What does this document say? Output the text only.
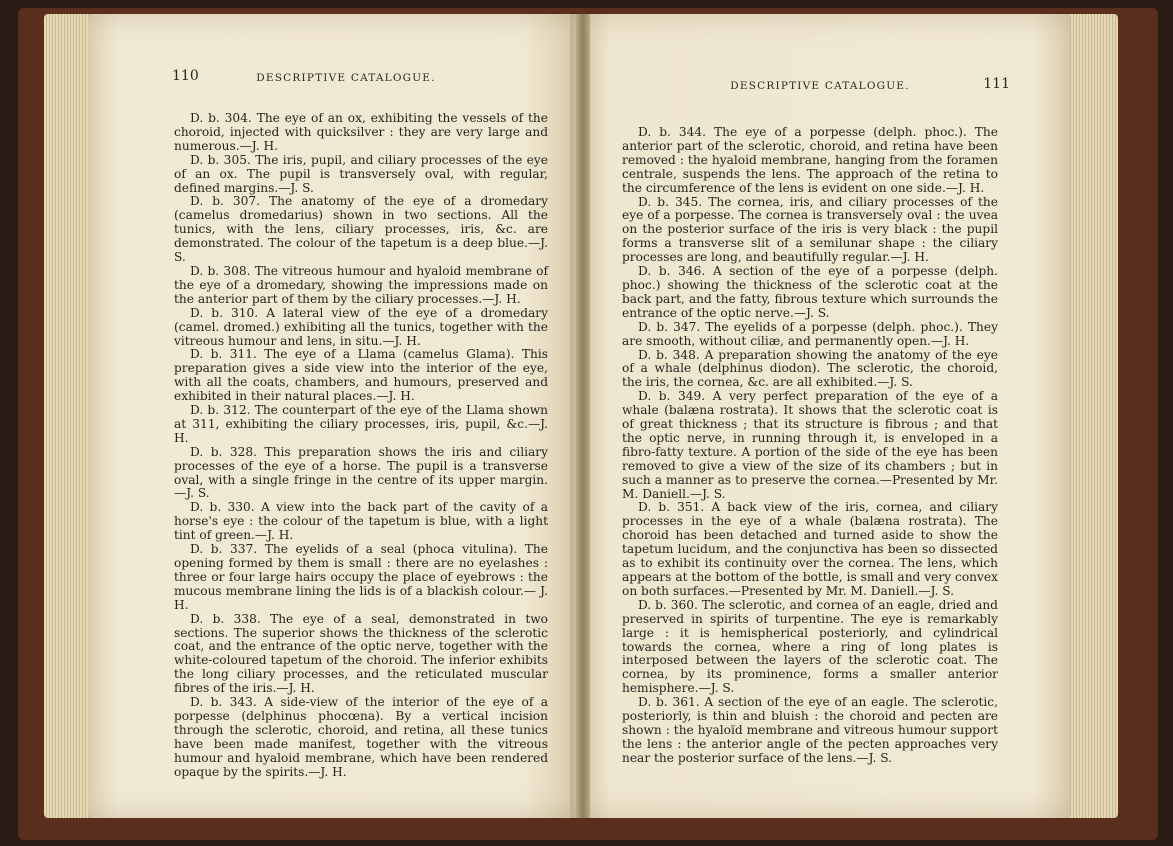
110	DESCRIPTIVE CATALOGUE.

D. b. 304. The eye of an ox, exhibiting the vessels of the choroid, injected with quicksilver : they are very large and numerous.—J. H.

D. b. 305. The iris, pupil, and ciliary processes of the eye of an ox. The pupil is transversely oval, with regular, defined margins.—J. S.

D. b. 307. The anatomy of the eye of a dromedary (camelus dromedarius) shown in two sections. All the tunics, with the lens, ciliary processes, iris, &c. are demonstrated. The colour of the tapetum is a deep blue.—J. S.

D. b. 308. The vitreous humour and hyaloid membrane of the eye of a dromedary, showing the impressions made on the anterior part of them by the ciliary processes.—J. H.

D. b. 310. A lateral view of the eye of a dromedary (camel. dromed.) exhibiting all the tunics, together with the vitreous humour and lens, in situ.—J. H.

D. b. 311. The eye of a Llama (camelus Glama). This preparation gives a side view into the interior of the eye, with all the coats, chambers, and humours, preserved and exhibited in their natural places.—J. H.

D. b. 312. The counterpart of the eye of the Llama shown at 311, exhibiting the ciliary processes, iris, pupil, &c.—J. H.

D. b. 328. This preparation shows the iris and ciliary processes of the eye of a horse. The pupil is a transverse oval, with a single fringe in the centre of its upper margin.—J. S.

D. b. 330. A view into the back part of the cavity of a horse's eye : the colour of the tapetum is blue, with a light tint of green.—J. H.

D. b. 337. The eyelids of a seal (phoca vitulina). The opening formed by them is small : there are no eyelashes : three or four large hairs occupy the place of eyebrows : the mucous membrane lining the lids is of a blackish colour.— J. H.

D. b. 338. The eye of a seal, demonstrated in two sections. The superior shows the thickness of the sclerotic coat, and the entrance of the optic nerve, together with the white-coloured tapetum of the choroid. The inferior exhibits the long ciliary processes, and the reticulated muscular fibres of the iris.—J. H.

D. b. 343. A side-view of the interior of the eye of a porpesse (delphinus phocœna). By a vertical incision through the sclerotic, choroid, and retina, all these tunics have been made manifest, together with the vitreous humour and hyaloid membrane, which have been rendered opaque by the spirits.—J. H.

DESCRIPTIVE CATALOGUE.	111

D. b. 344. The eye of a porpesse (delph. phoc.). The anterior part of the sclerotic, choroid, and retina have been removed : the hyaloid membrane, hanging from the foramen centrale, suspends the lens. The approach of the retina to the circumference of the lens is evident on one side.—J. H.

D. b. 345. The cornea, iris, and ciliary processes of the eye of a porpesse. The cornea is transversely oval : the uvea on the posterior surface of the iris is very black : the pupil forms a transverse slit of a semilunar shape : the ciliary processes are long, and beautifully regular.—J. H.

D. b. 346. A section of the eye of a porpesse (delph. phoc.) showing the thickness of the sclerotic coat at the back part, and the fatty, fibrous texture which surrounds the entrance of the optic nerve.—J. S.

D. b. 347. The eyelids of a porpesse (delph. phoc.). They are smooth, without ciliæ, and permanently open.—J. H.

D. b. 348. A preparation showing the anatomy of the eye of a whale (delphinus diodon). The sclerotic, the choroid, the iris, the cornea, &c. are all exhibited.—J. S.

D. b. 349. A very perfect preparation of the eye of a whale (balæna rostrata). It shows that the sclerotic coat is of great thickness ; that its structure is fibrous ; and that the optic nerve, in running through it, is enveloped in a fibro-fatty texture. A portion of the side of the eye has been removed to give a view of the size of its chambers ; but in such a manner as to preserve the cornea.—Presented by Mr. M. Daniell.—J. S.

D. b. 351. A back view of the iris, cornea, and ciliary processes in the eye of a whale (balæna rostrata). The choroid has been detached and turned aside to show the tapetum lucidum, and the conjunctiva has been so dissected as to exhibit its continuity over the cornea. The lens, which appears at the bottom of the bottle, is small and very convex on both surfaces.—Presented by Mr. M. Daniell.—J. S.

D. b. 360. The sclerotic, and cornea of an eagle, dried and preserved in spirits of turpentine. The eye is remarkably large : it is hemispherical posteriorly, and cylindrical towards the cornea, where a ring of long plates is interposed between the layers of the sclerotic coat. The cornea, by its prominence, forms a smaller anterior hemisphere.—J. S.

D. b. 361. A section of the eye of an eagle. The sclerotic, posteriorly, is thin and bluish : the choroid and pecten are shown : the hyaloïd membrane and vitreous humour support the lens : the anterior angle of the pecten approaches very near the posterior surface of the lens.—J. S.
